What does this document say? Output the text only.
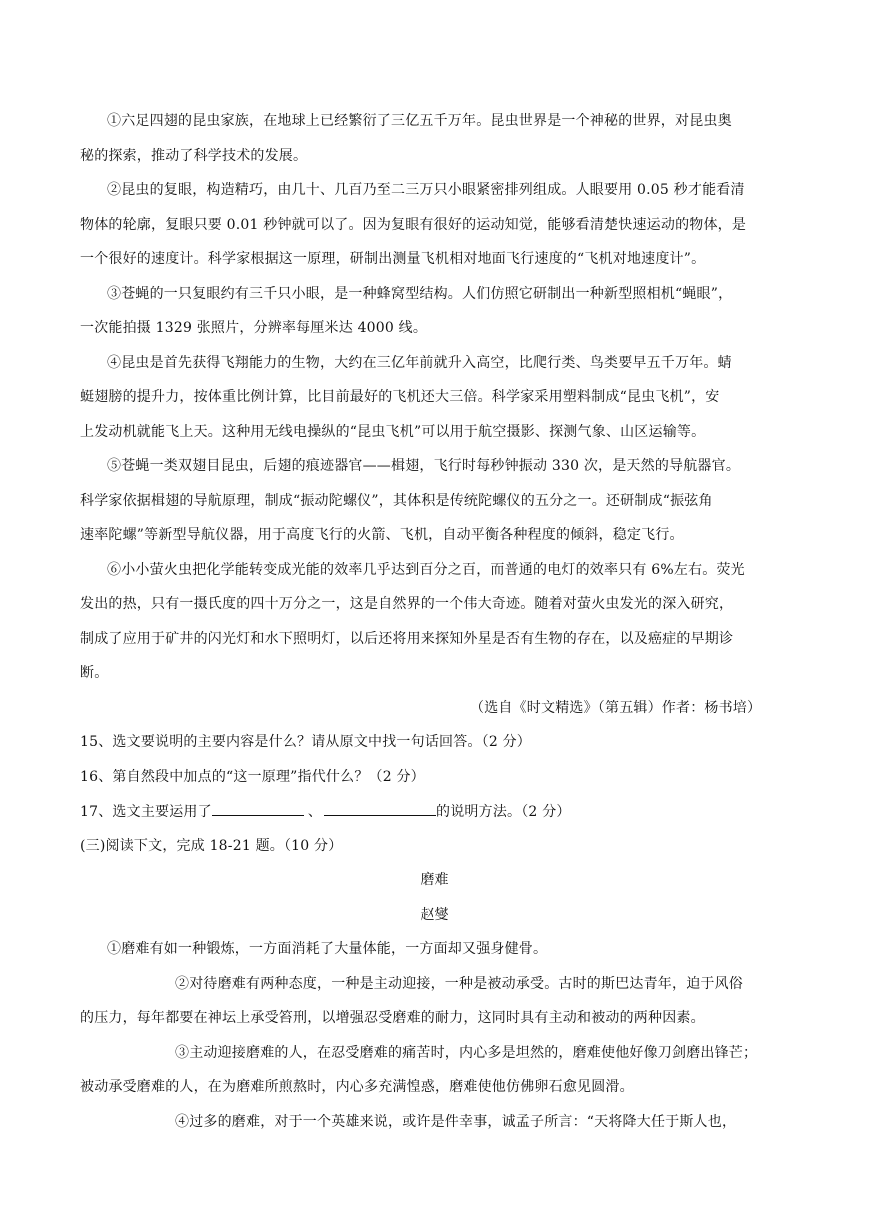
①六足四翅的昆虫家族，在地球上已经繁衍了三亿五千万年。昆虫世界是一个神秘的世界，对昆虫奥
秘的探索，推动了科学技术的发展。
②昆虫的复眼，构造精巧，由几十、几百乃至二三万只小眼紧密排列组成。人眼要用 0.05 秒才能看清
物体的轮廓，复眼只要 0.01 秒钟就可以了。因为复眼有很好的运动知觉，能够看清楚快速运动的物体，是
一个很好的速度计。科学家根据这一原理，研制出测量飞机相对地面飞行速度的“飞机对地速度计”。
③苍蝇的一只复眼约有三千只小眼，是一种蜂窝型结构。人们仿照它研制出一种新型照相机“蝇眼”，
一次能拍摄 1329 张照片，分辨率每厘米达 4000 线。
④昆虫是首先获得飞翔能力的生物，大约在三亿年前就升入高空，比爬行类、鸟类要早五千万年。蜻
蜓翅膀的提升力，按体重比例计算，比目前最好的飞机还大三倍。科学家采用塑料制成“昆虫飞机”，安
上发动机就能飞上天。这种用无线电操纵的“昆虫飞机”可以用于航空摄影、探测气象、山区运输等。
⑤苍蝇一类双翅目昆虫，后翅的痕迹器官——楫翅，飞行时每秒钟振动 330 次，是天然的导航器官。
科学家依据楫翅的导航原理，制成“振动陀螺仪”，其体积是传统陀螺仪的五分之一。还研制成“振弦角
速率陀螺”等新型导航仪器，用于高度飞行的火箭、飞机，自动平衡各种程度的倾斜，稳定飞行。
⑥小小萤火虫把化学能转变成光能的效率几乎达到百分之百，而普通的电灯的效率只有 6%左右。荧光
发出的热，只有一摄氏度的四十万分之一，这是自然界的一个伟大奇迹。随着对萤火虫发光的深入研究，
制成了应用于矿井的闪光灯和水下照明灯，以后还将用来探知外星是否有生物的存在，以及癌症的早期诊
断。
（选自《时文精选》（第五辑）作者：杨书培）
15、选文要说明的主要内容是什么？请从原文中找一句话回答。（2 分）
16、第自然段中加点的“这一原理”指代什么？（2 分）
17、选文主要运用了	、	的说明方法。（2 分）
(三)阅读下文，完成 18-21 题。（10 分）
磨难
赵燮
①磨难有如一种锻炼，一方面消耗了大量体能，一方面却又强身健骨。
②对待磨难有两种态度，一种是主动迎接，一种是被动承受。古时的斯巴达青年，迫于风俗
的压力，每年都要在神坛上承受笞刑，以增强忍受磨难的耐力，这同时具有主动和被动的两种因素。
③主动迎接磨难的人，在忍受磨难的痛苦时，内心多是坦然的，磨难使他好像刀剑磨出锋芒；
被动承受磨难的人，在为磨难所煎熬时，内心多充满惶惑，磨难使他仿佛卵石愈见圆滑。
④过多的磨难，对于一个英雄来说，或许是件幸事，诚孟子所言：“天将降大任于斯人也，
